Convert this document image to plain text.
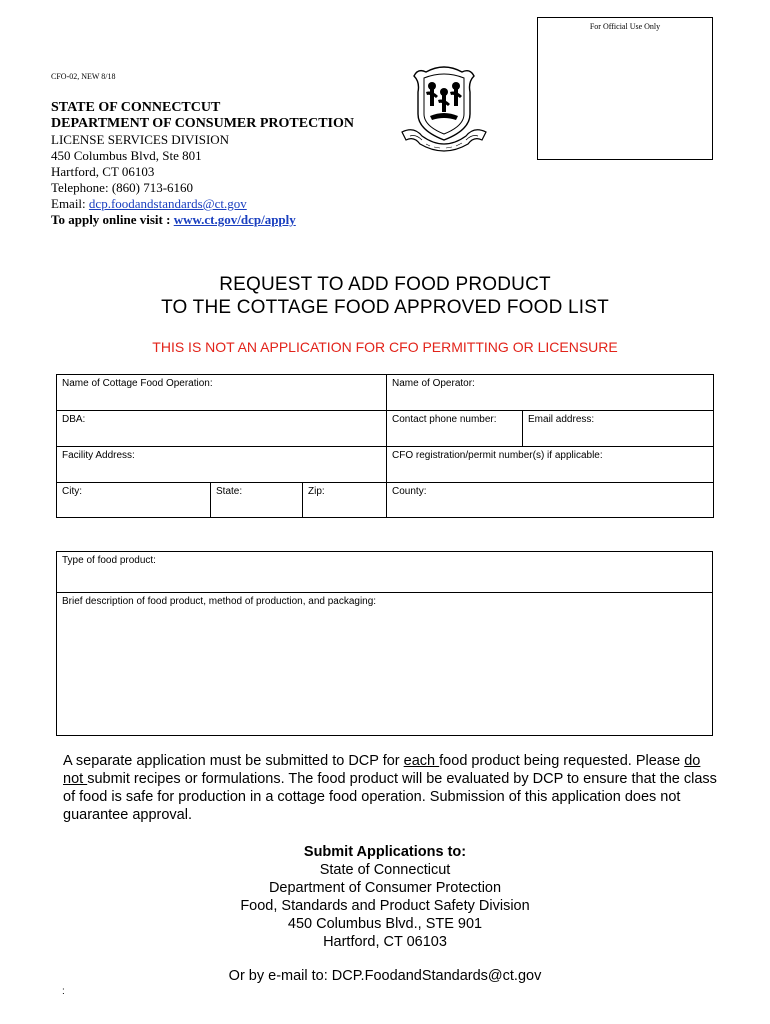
For Official Use Only
CFO-02, NEW 8/18
STATE OF CONNECTCUT
DEPARTMENT OF CONSUMER PROTECTION
LICENSE SERVICES DIVISION
450 Columbus Blvd, Ste 801
Hartford, CT 06103
Telephone: (860) 713-6160
Email: dcp.foodandstandards@ct.gov
To apply online visit : www.ct.gov/dcp/apply
REQUEST TO ADD FOOD PRODUCT
TO THE COTTAGE FOOD APPROVED FOOD LIST
THIS IS NOT AN APPLICATION FOR CFO PERMITTING OR LICENSURE
Name of Cottage Food Operation:			Name of Operator:	
DBA:			Contact phone number:	Email address:
Facility Address:			CFO registration/permit number(s) if applicable:	
City:	State:	Zip:	County:	
Type of food product:
Brief description of food product, method of production, and packaging:
A separate application must be submitted to DCP for each food product being requested. Please do not submit recipes or formulations. The food product will be evaluated by DCP to ensure that the class of food is safe for production in a cottage food operation. Submission of this application does not guarantee approval.
Submit Applications to:
State of Connecticut
Department of Consumer Protection
Food, Standards and Product Safety Division
450 Columbus Blvd., STE 901
Hartford, CT 06103
Or by e-mail to: DCP.FoodandStandards@ct.gov
:
